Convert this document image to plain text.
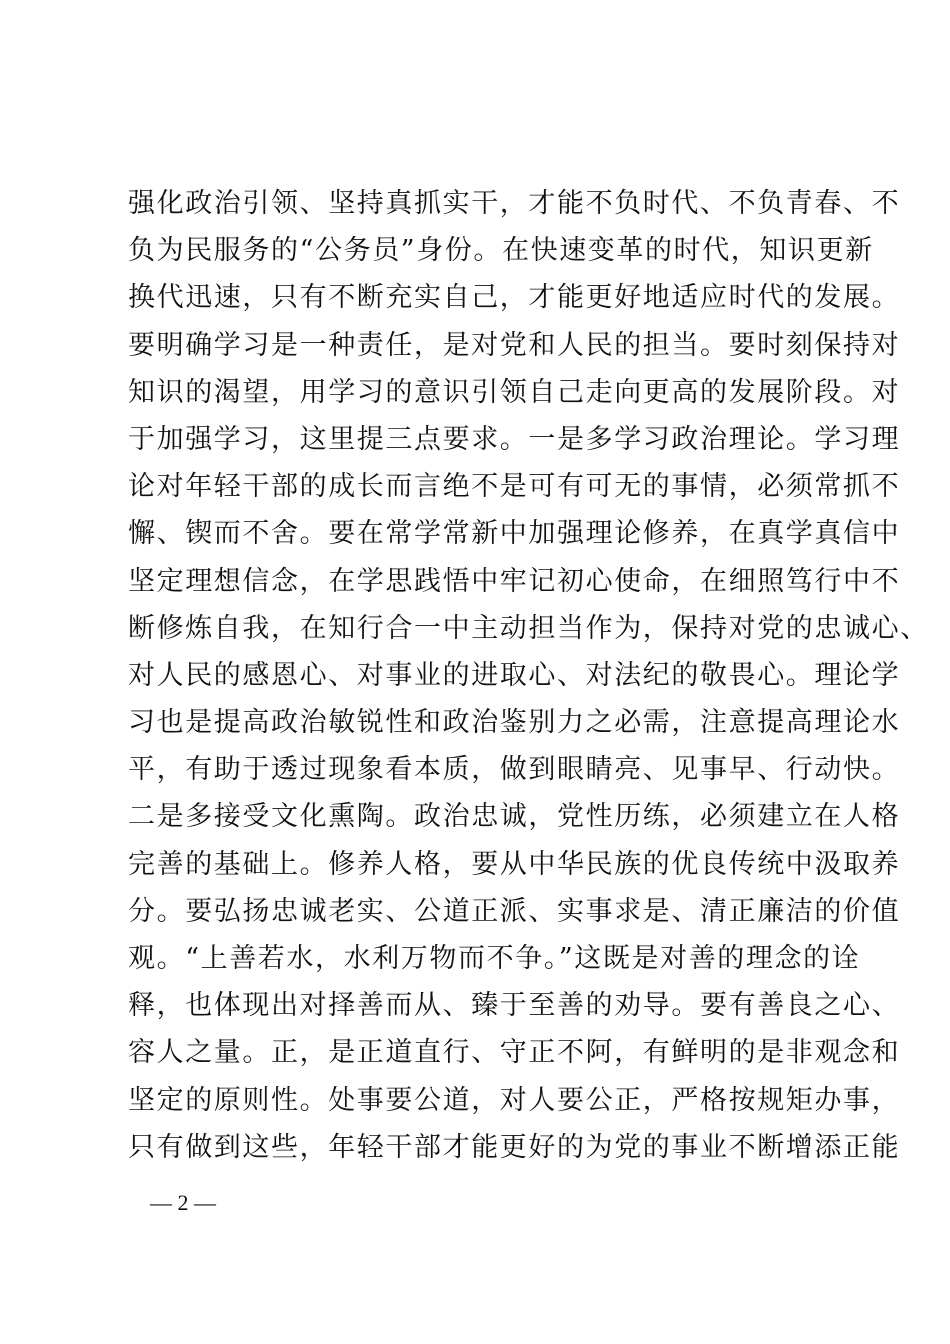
强化政治引领、坚持真抓实干，才能不负时代、不负青春、不
负为民服务的“公务员”身份。在快速变革的时代，知识更新
换代迅速，只有不断充实自己，才能更好地适应时代的发展。
要明确学习是一种责任，是对党和人民的担当。要时刻保持对
知识的渴望，用学习的意识引领自己走向更高的发展阶段。对
于加强学习，这里提三点要求。一是多学习政治理论。学习理
论对年轻干部的成长而言绝不是可有可无的事情，必须常抓不
懈、锲而不舍。要在常学常新中加强理论修养，在真学真信中
坚定理想信念，在学思践悟中牢记初心使命，在细照笃行中不
断修炼自我，在知行合一中主动担当作为，保持对党的忠诚心、
对人民的感恩心、对事业的进取心、对法纪的敬畏心。理论学
习也是提高政治敏锐性和政治鉴别力之必需，注意提高理论水
平，有助于透过现象看本质，做到眼睛亮、见事早、行动快。
二是多接受文化熏陶。政治忠诚，党性历练，必须建立在人格
完善的基础上。修养人格，要从中华民族的优良传统中汲取养
分。要弘扬忠诚老实、公道正派、实事求是、清正廉洁的价值
观。“上善若水，水利万物而不争。”这既是对善的理念的诠
释，也体现出对择善而从、臻于至善的劝导。要有善良之心、
容人之量。正，是正道直行、守正不阿，有鲜明的是非观念和
坚定的原则性。处事要公道，对人要公正，严格按规矩办事，
只有做到这些，年轻干部才能更好的为党的事业不断增添正能
— 2 —
